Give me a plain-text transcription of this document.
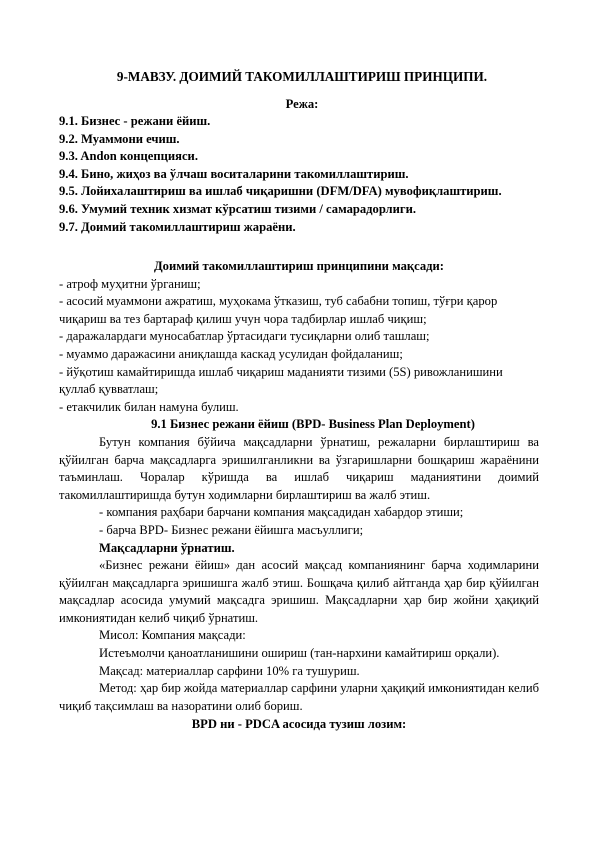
9-МАВЗУ. ДОИМИЙ ТАКОМИЛЛАШТИРИШ ПРИНЦИПИ.
Режа:
9.1. Бизнес - режани ёйиш.
9.2. Муаммони ечиш.
9.3. Andon концепцияси.
9.4. Бино, жиҳоз ва ўлчаш воситаларини такомиллаштириш.
9.5. Лойихалаштириш ва ишлаб чиқаришни (DFM/DFA) мувофиқлаштириш.
9.6. Умумий техник хизмат кўрсатиш тизими / самарадорлиги.
9.7. Доимий такомиллаштириш жараёни.

Доимий такомиллаштириш принципини мақсади:

- атроф муҳитни ўрганиш;
- асосий муаммони ажратиш, муҳокама ўтказиш, туб сабабни топиш, тўғри қарор чиқариш ва тез бартараф қилиш учун чора тадбирлар ишлаб чиқиш;
- даражалардаги муносабатлар ўртасидаги тусиқларни олиб ташлаш;
- муаммо даражасини аниқлашда каскад усулидан фойдаланиш;
- йўқотиш камайтиришда ишлаб чиқариш маданияти тизими (5S) ривожланишини қуллаб қувватлаш;
- етакчилик билан намуна булиш.

9.1 Бизнес режани ёйиш (BPD- Business Plan Deployment)

Бутун компания бўйича мақсадларни ўрнатиш, режаларни бирлаштириш ва қўйилган барча мақсадларга эришилганликни ва ўзгаришларни бошқариш жараёнини таъминлаш. Чоралар кўришда ва ишлаб чиқариш маданиятини доимий такомиллаштиришда бутун ходимларни бирлаштириш ва жалб этиш.

- компания раҳбари барчани компания мақсадидан хабардор этиши;

- барча BPD- Бизнес режани ёйишга масъуллиги;

Мақсадларни ўрнатиш.

«Бизнес режани ёйиш» дан асосий мақсад компаниянинг барча ходимларини қўйилган мақсадларга эришишга жалб этиш. Бошқача қилиб айтганда ҳар бир қўйилган мақсадлар асосида умумий мақсадга эришиш. Мақсадларни ҳар бир жойни ҳақиқий имкониятидан келиб чиқиб ўрнатиш.

Мисол: Компания мақсади:

Истеъмолчи қаноатланишини ошириш (тан-нархини камайтириш орқали).

Мақсад: материаллар сарфини 10% га тушуриш.

Метод: ҳар бир жойда материаллар сарфини уларни ҳақиқий имкониятидан келиб чиқиб тақсимлаш ва назоратини олиб бориш.

BPD ни - PDCA асосида тузиш лозим:
